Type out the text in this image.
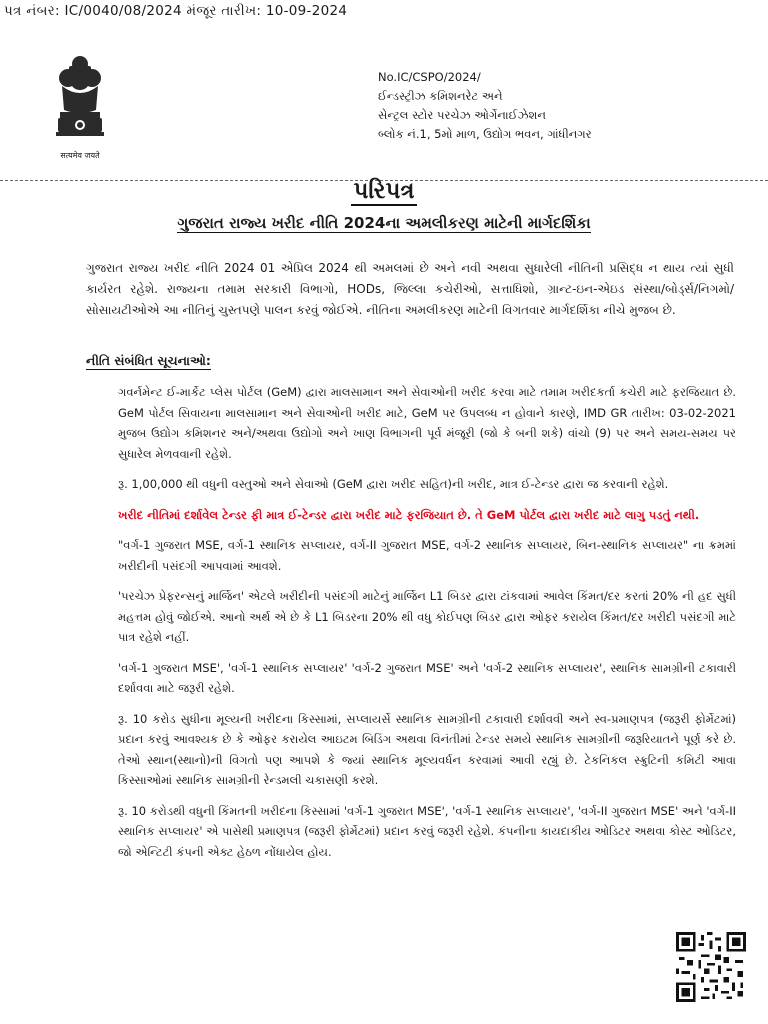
પત્ર નંબર: IC/0040/08/2024 મંજૂર તારીખ: 10-09-2024
सत्यमेव जयते
No.IC/CSPO/2024/
ઈન્ડસ્ટ્રીઝ કમિશનરેટ અને
સેન્ટ્રલ સ્ટોર પરચેઝ ઓર્ગેનાઈઝેશન
બ્લોક નં.1, 5મો માળ, ઉદ્યોગ ભવન, ગાંધીનગર
પરિપત્ર
ગુજરાત રાજ્ય ખરીદ નીતિ 2024ના અમલીકરણ માટેની માર્ગદર્શિકા
ગુજરાત રાજ્ય ખરીદ નીતિ 2024 01 એપ્રિલ 2024 થી અમલમાં છે અને નવી અથવા સુધારેલી નીતિની પ્રસિદ્ધ ન થાય ત્યાં સુધી કાર્યરત રહેશે. રાજ્યના તમામ સરકારી વિભાગો, HODs, જિલ્લા કચેરીઓ, સત્તાધિશો, ગ્રાન્ટ-ઇન-એઇડ સંસ્થા/બોર્ડ્સ/નિગમો/સોસાયટીઓએ આ નીતિનું ચુસ્તપણે પાલન કરવું જોઈએ. નીતિના અમલીકરણ માટેની વિગતવાર માર્ગદર્શિકા નીચે મુજબ છે.
નીતિ સંબંધિત સૂચનાઓ:
ગવર્નમેન્ટ ઈ-માર્કેટ પ્લેસ પોર્ટલ (GeM) દ્વારા માલસામાન અને સેવાઓની ખરીદ કરવા માટે તમામ ખરીદકર્તા કચેરી માટે ફરજિયાત છે. GeM પોર્ટલ સિવાયના માલસામાન અને સેવાઓની ખરીદ માટે, GeM પર ઉપલબ્ધ ન હોવાને કારણે, IMD GR તારીખ: 03-02-2021 મુજબ ઉદ્યોગ કમિશનર અને/અથવા ઉદ્યોગો અને ખાણ વિભાગની પૂર્વ મંજૂરી (જો કે બની શકે) વાંચો (9) પર અને સમય-સમય પર સુધારેલ મેળવવાની રહેશે.
રૂ. 1,00,000 થી વધુની વસ્તુઓ અને સેવાઓ (GeM દ્વારા ખરીદ સહિત)ની ખરીદ, માત્ર ઈ-ટેન્ડર દ્વારા જ કરવાની રહેશે.
ખરીદ નીતિમાં દર્શાવેલ ટેન્ડર ફી માત્ર ઈ-ટેન્ડર દ્વારા ખરીદ માટે ફરજિયાત છે. તે GeM પોર્ટલ દ્વારા ખરીદ માટે લાગુ પડતું નથી.
"વર્ગ-1 ગુજરાત MSE, વર્ગ-1 સ્થાનિક સપ્લાયર, વર્ગ-II ગુજરાત MSE, વર્ગ-2 સ્થાનિક સપ્લાયર, બિન-સ્થાનિક સપ્લાયર" ના ક્રમમાં ખરીદીની પસંદગી આપવામાં આવશે.
'પરચેઝ પ્રેફરન્સનું માર્જિન' એટલે ખરીદીની પસંદગી માટેનું માર્જિન L1 બિડર દ્વારા ટાંકવામાં આવેલ કિંમત/દર કરતાં 20% ની હદ સુધી મહત્તમ હોવું જોઈએ. આનો અર્થ એ છે કે L1 બિડરના 20% થી વધુ કોઈપણ બિડર દ્વારા ઓફર કરાયેલ કિંમત/દર ખરીદી પસંદગી માટે પાત્ર રહેશે નહીં.
'વર્ગ-1 ગુજરાત MSE', 'વર્ગ-1 સ્થાનિક સપ્લાયર' 'વર્ગ-2 ગુજરાત MSE' અને 'વર્ગ-2 સ્થાનિક સપ્લાયર', સ્થાનિક સામગ્રીની ટકાવારી દર્શાવવા માટે જરૂરી રહેશે.
રૂ. 10 કરોડ સુધીના મૂલ્યની ખરીદના કિસ્સામાં, સપ્લાયર્સે સ્થાનિક સામગ્રીની ટકાવારી દર્શાવવી અને સ્વ-પ્રમાણપત્ર (જરૂરી ફોર્મેટમાં) પ્રદાન કરવું આવશ્યક છે કે ઓફર કરાયેલ આઇટમ બિડિંગ અથવા વિનંતીમાં ટેન્ડર સમયે સ્થાનિક સામગ્રીની જરૂરિયાતને પૂર્ણ કરે છે. તેઓ સ્થાન(સ્થાનો)ની વિગતો પણ આપશે કે જ્યાં સ્થાનિક મૂલ્યવર્ધન કરવામાં આવી રહ્યું છે. ટેકનિકલ સ્ક્રુટિની કમિટી આવા કિસ્સાઓમાં સ્થાનિક સામગ્રીની રેન્ડમલી ચકાસણી કરશે.
રૂ. 10 કરોડથી વધુની કિંમતની ખરીદના કિસ્સામાં 'વર્ગ-1 ગુજરાત MSE', 'વર્ગ-1 સ્થાનિક સપ્લાયર', 'વર્ગ-II ગુજરાત MSE' અને 'વર્ગ-II સ્થાનિક સપ્લાયર' એ પાસેથી પ્રમાણપત્ર (જરૂરી ફોર્મેટમાં) પ્રદાન કરવું જરૂરી રહેશે. કંપનીના કાયદાકીય ઓડિટર અથવા કોસ્ટ ઓડિટર, જો એન્ટિટી કંપની એક્ટ હેઠળ નોંધાયેલ હોય.
